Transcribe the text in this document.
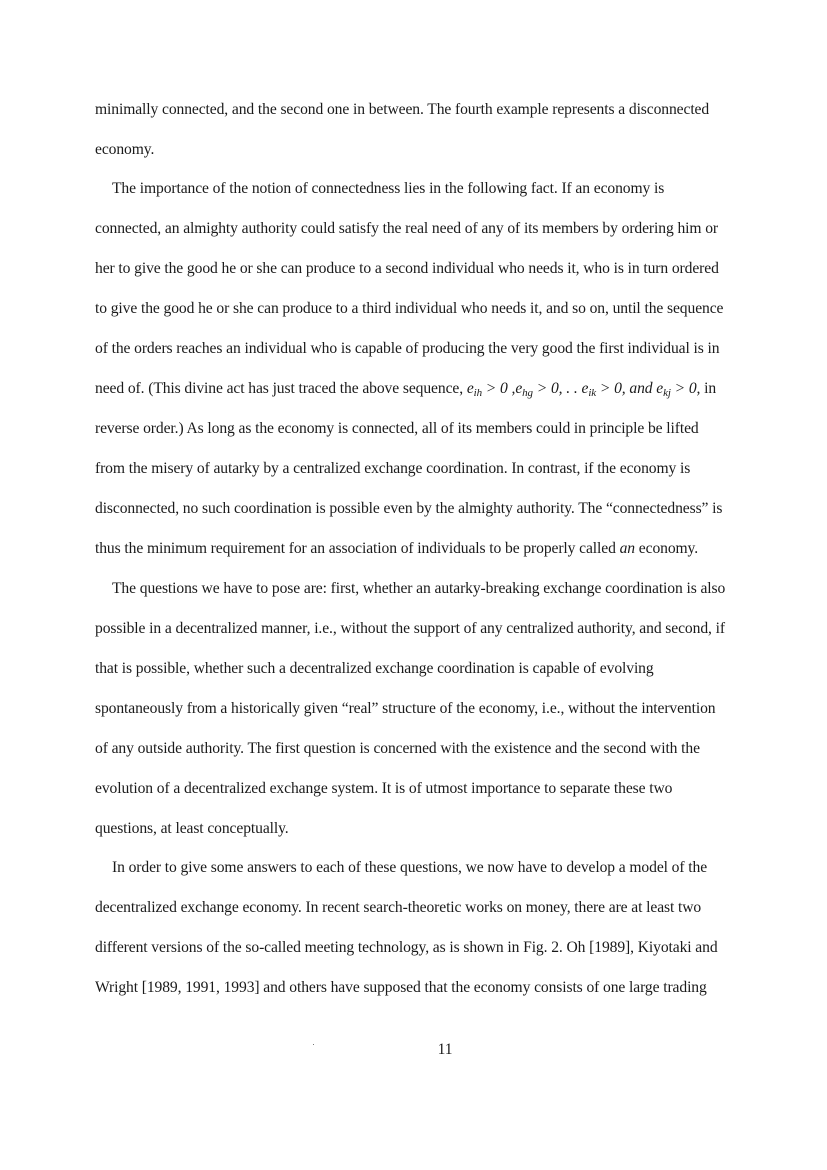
minimally connected, and the second one in between. The fourth example represents a disconnected
economy.
The importance of the notion of connectedness lies in the following fact. If an economy is
connected, an almighty authority could satisfy the real need of any of its members by ordering him or
her to give the good he or she can produce to a second individual who needs it, who is in turn ordered
to give the good he or she can produce to a third individual who needs it, and so on, until the sequence
of the orders reaches an individual who is capable of producing the very good the first individual is in
need of. (This divine act has just traced the above sequence, $e_{ih} > 0$ $,e_{hg} > 0$, . . $e_{ik} > 0$, and $e_{kj} > 0$, in
reverse order.) As long as the economy is connected, all of its members could in principle be lifted
from the misery of autarky by a centralized exchange coordination. In contrast, if the economy is
disconnected, no such coordination is possible even by the almighty authority. The “connectedness” is
thus the minimum requirement for an association of individuals to be properly called an economy.
The questions we have to pose are: first, whether an autarky-breaking exchange coordination is also
possible in a decentralized manner, i.e., without the support of any centralized authority, and second, if
that is possible, whether such a decentralized exchange coordination is capable of evolving
spontaneously from a historically given “real” structure of the economy, i.e., without the intervention
of any outside authority. The first question is concerned with the existence and the second with the
evolution of a decentralized exchange system. It is of utmost importance to separate these two
questions, at least conceptually.
In order to give some answers to each of these questions, we now have to develop a model of the
decentralized exchange economy. In recent search-theoretic works on money, there are at least two
different versions of the so-called meeting technology, as is shown in Fig. 2. Oh [1989], Kiyotaki and
Wright [1989, 1991, 1993] and others have supposed that the economy consists of one large trading
11
